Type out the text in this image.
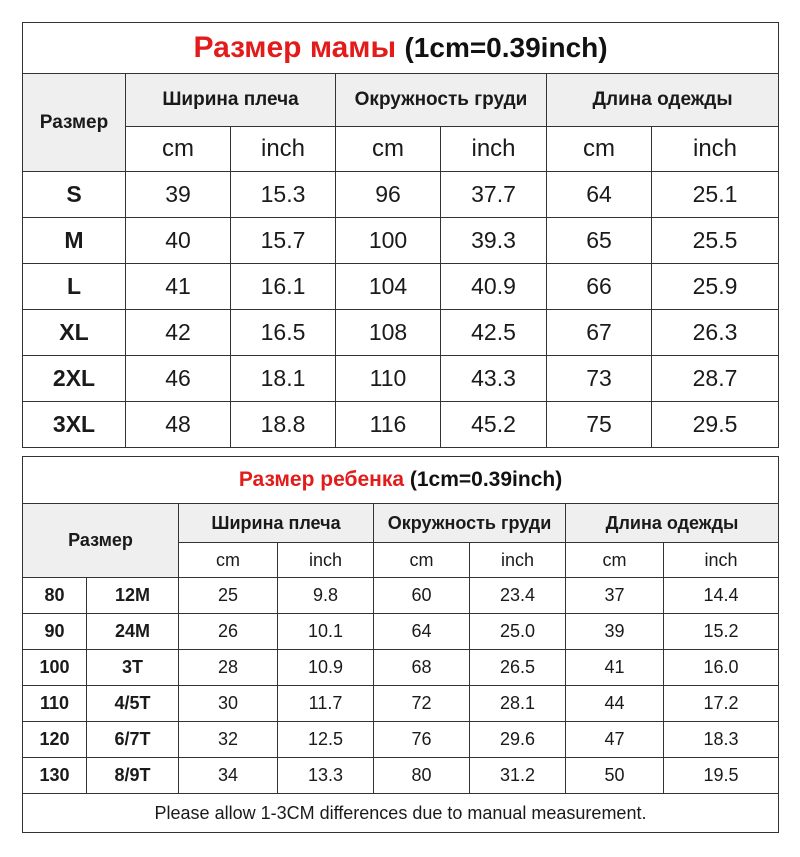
Размер мамы (1cm=0.39inch)						
Размер	Ширина плеча		Окружность груди		Длина одежды	
	cm	inch	cm	inch	cm	inch
S	39	15.3	96	37.7	64	25.1
M	40	15.7	100	39.3	65	25.5
L	41	16.1	104	40.9	66	25.9
XL	42	16.5	108	42.5	67	26.3
2XL	46	18.1	110	43.3	73	28.7
3XL	48	18.8	116	45.2	75	29.5
Размер ребенка (1cm=0.39inch)							
Размер		Ширина плеча		Окружность груди		Длина одежды	
		cm	inch	cm	inch	cm	inch
80	12M	25	9.8	60	23.4	37	14.4
90	24M	26	10.1	64	25.0	39	15.2
100	3T	28	10.9	68	26.5	41	16.0
110	4/5T	30	11.7	72	28.1	44	17.2
120	6/7T	32	12.5	76	29.6	47	18.3
130	8/9T	34	13.3	80	31.2	50	19.5
Please allow 1-3CM differences due to manual measurement.							
